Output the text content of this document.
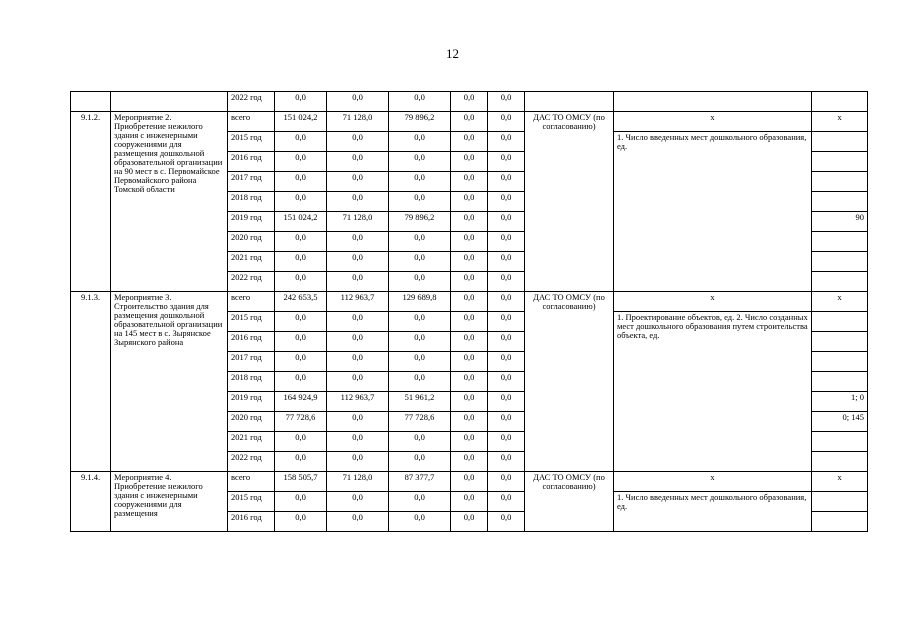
12
		2022 год	0,0	0,0	0,0	0,0	0,0			
9.1.2.	Мероприятие 2. Приобретение нежилого здания с инженерными сооружениями для размещения дошкольной образовательной организации на 90 мест в с. Первомайское Первомайского района Томской области	всего	151 024,2	71 128,0	79 896,2	0,0	0,0	ДАС ТО ОМСУ (по согласованию)	x	x
		2015 год	0,0	0,0	0,0	0,0	0,0		1. Число введенных мест дошкольного образования, ед.	
		2016 год	0,0	0,0	0,0	0,0	0,0			
		2017 год	0,0	0,0	0,0	0,0	0,0			
		2018 год	0,0	0,0	0,0	0,0	0,0			
		2019 год	151 024,2	71 128,0	79 896,2	0,0	0,0			90
		2020 год	0,0	0,0	0,0	0,0	0,0			
		2021 год	0,0	0,0	0,0	0,0	0,0			
		2022 год	0,0	0,0	0,0	0,0	0,0			
9.1.3.	Мероприятие 3. Строительство здания для размещения дошкольной образовательной организации на 145 мест в с. Зырянское Зырянского района	всего	242 653,5	112 963,7	129 689,8	0,0	0,0	ДАС ТО ОМСУ (по согласованию)	x	x
		2015 год	0,0	0,0	0,0	0,0	0,0		1. Проектирование объектов, ед. 2. Число созданных мест дошкольного образования путем строительства объекта, ед.	
		2016 год	0,0	0,0	0,0	0,0	0,0			
		2017 год	0,0	0,0	0,0	0,0	0,0			
		2018 год	0,0	0,0	0,0	0,0	0,0			
		2019 год	164 924,9	112 963,7	51 961,2	0,0	0,0			1; 0
		2020 год	77 728,6	0,0	77 728,6	0,0	0,0			0; 145
		2021 год	0,0	0,0	0,0	0,0	0,0			
		2022 год	0,0	0,0	0,0	0,0	0,0			
9.1.4.	Мероприятие 4. Приобретение нежилого здания с инженерными сооружениями для размещения	всего	158 505,7	71 128,0	87 377,7	0,0	0,0	ДАС ТО ОМСУ (по согласованию)	x	x
		2015 год	0,0	0,0	0,0	0,0	0,0		1. Число введенных мест дошкольного образования, ед.	
		2016 год	0,0	0,0	0,0	0,0	0,0			
